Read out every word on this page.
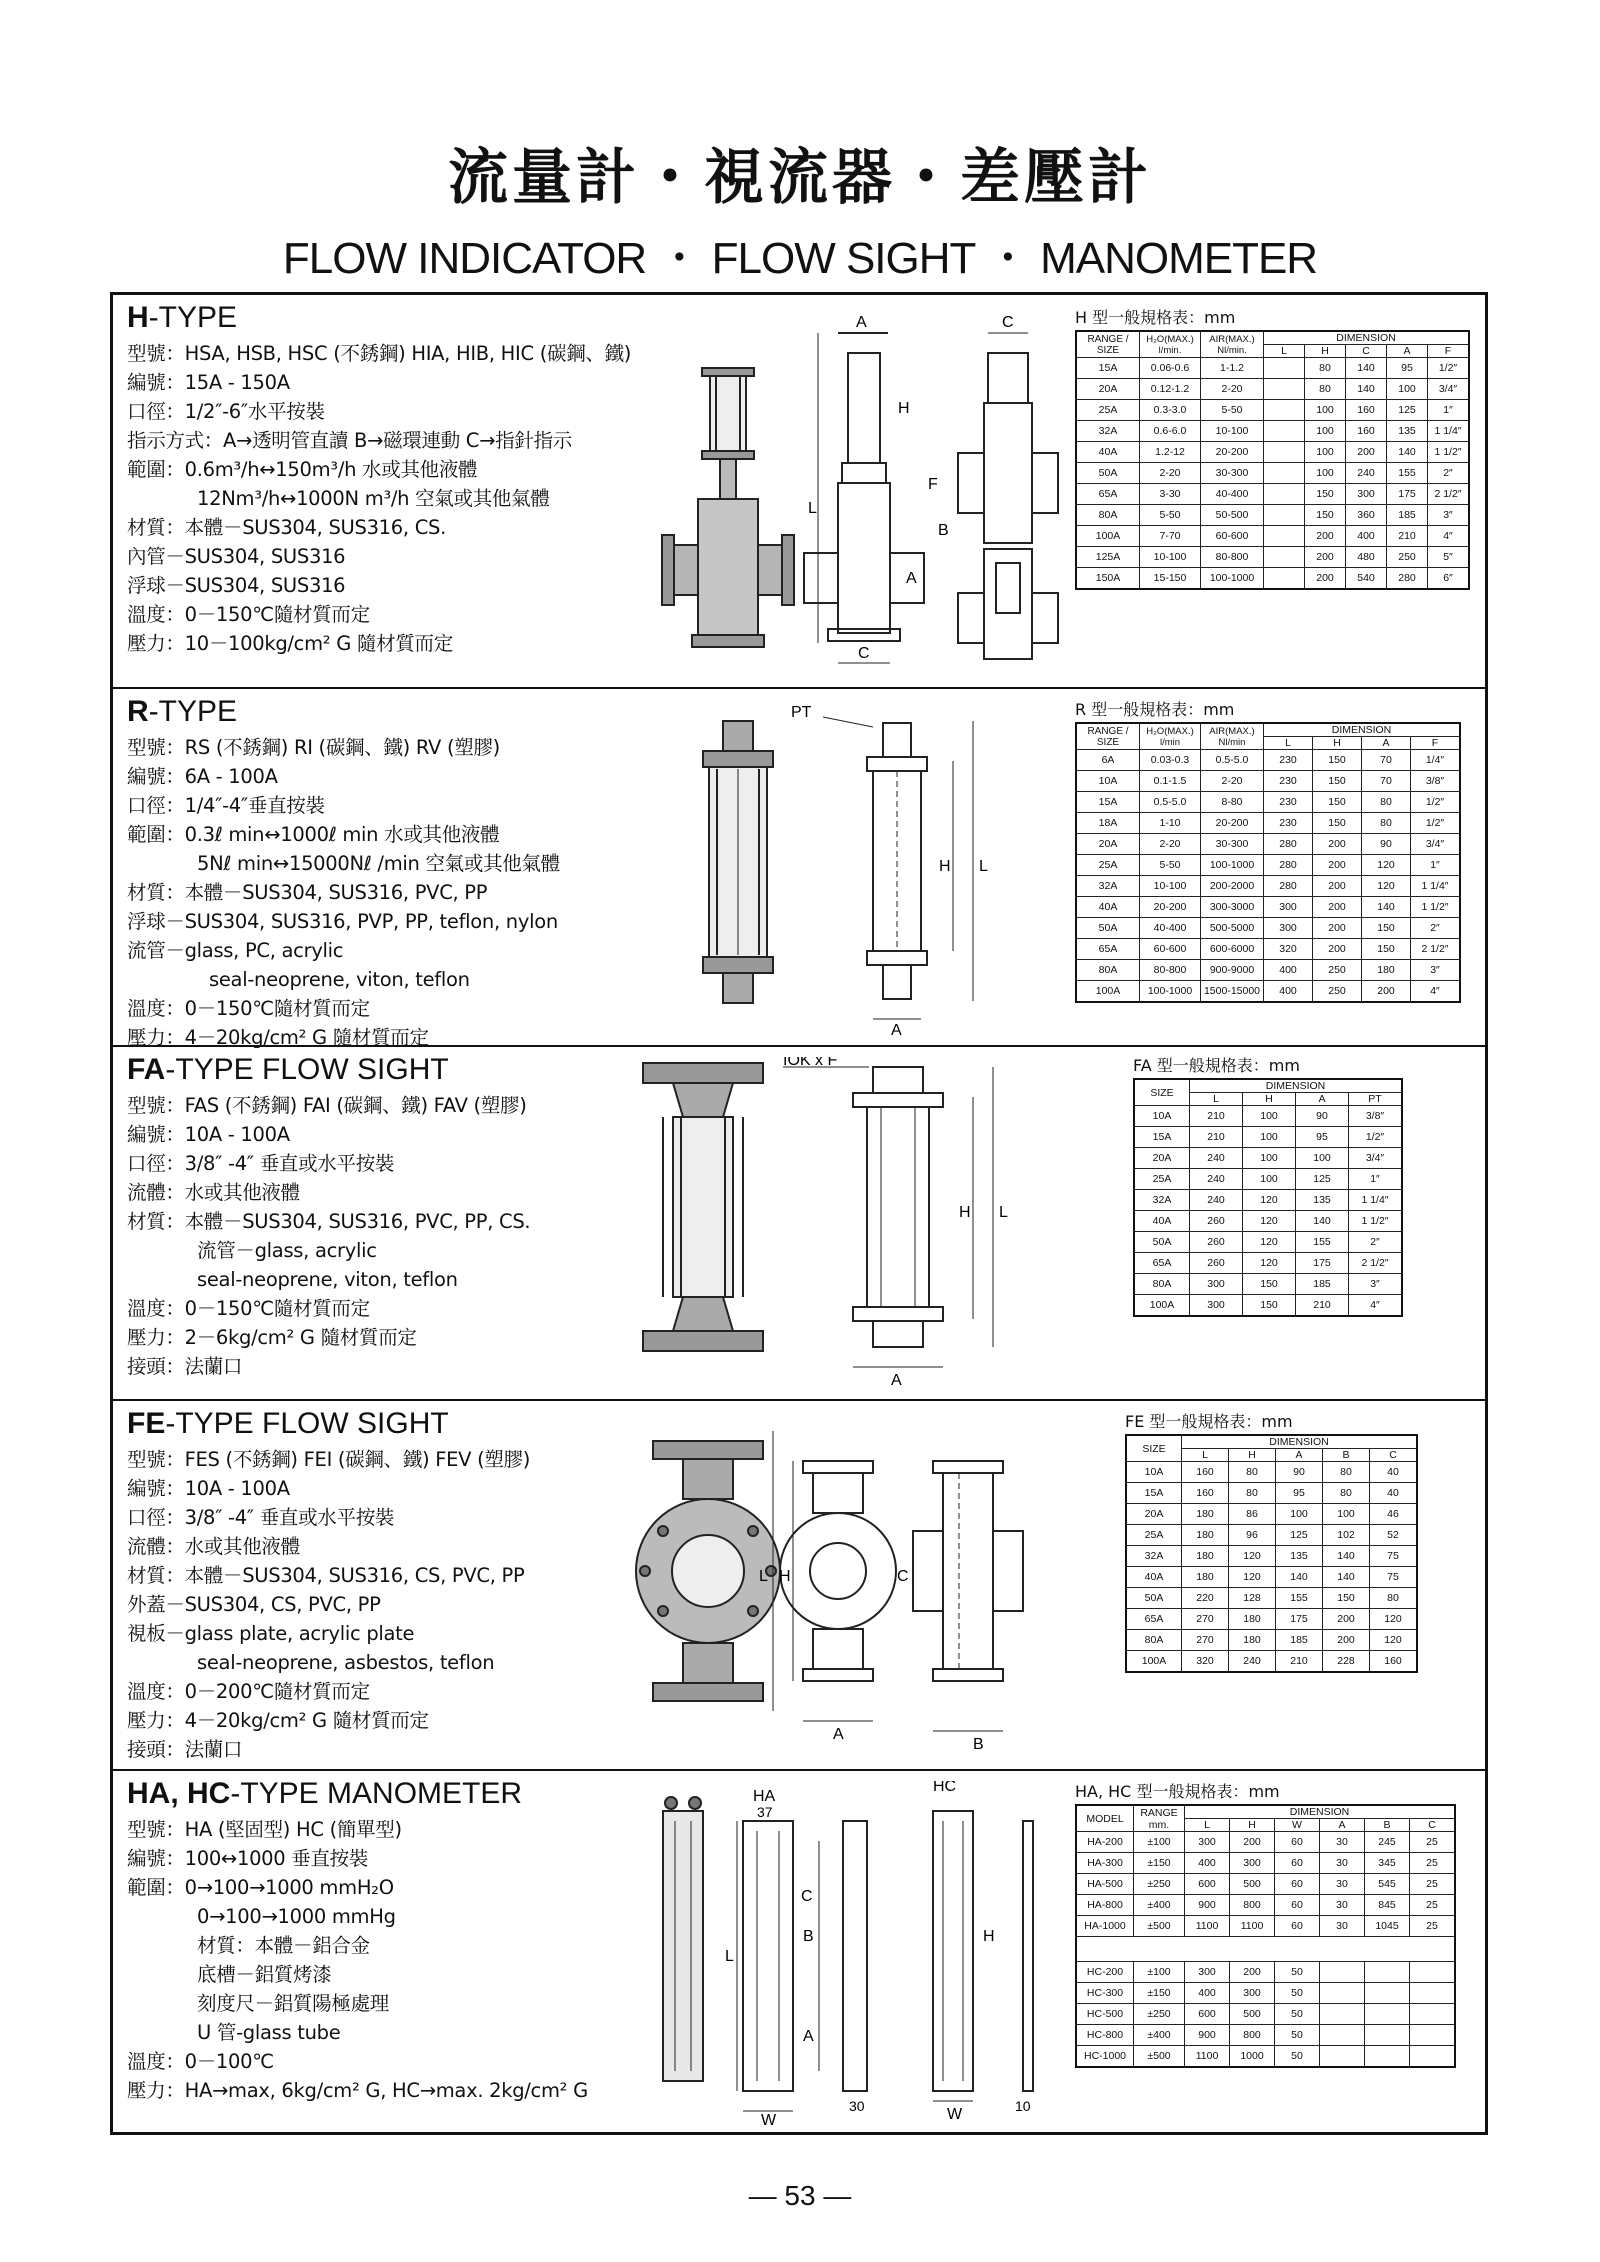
流量計・視流器・差壓計
FLOW INDICATOR ・ FLOW SIGHT ・ MANOMETER
H-TYPE
型號：HSA, HSB, HSC (不銹鋼) HIA, HIB, HIC (碳鋼、鐵)
編號：15A - 150A
口徑：1/2″-6″水平按裝
指示方式：A→透明管直讀 B→磁環連動 C→指針指示
範圍：0.6m³/h↔150m³/h 水或其他液體
12Nm³/h↔1000N m³/h 空氣或其他氣體
材質：本體－SUS304, SUS316, CS.
內管－SUS304, SUS316
浮球－SUS304, SUS316
溫度：0－150℃隨材質而定
壓力：10－100kg/cm² G 隨材質而定
A	C
H
L
F
B
A
C
H 型一般規格表：mm
RANGE / SIZE	H₂O(MAX.) l/min.	AIR(MAX.) Nl/min.	DIMENSION				
			L	H	C	A	F
15A	0.06-0.6	1-1.2		80	140	95	1/2″
20A	0.12-1.2	2-20		80	140	100	3/4″
25A	0.3-3.0	5-50		100	160	125	1″
32A	0.6-6.0	10-100		100	160	135	1 1/4″
40A	1.2-12	20-200		100	200	140	1 1/2″
50A	2-20	30-300		100	240	155	2″
65A	3-30	40-400		150	300	175	2 1/2″
80A	5-50	50-500		150	360	185	3″
100A	7-70	60-600		200	400	210	4″
125A	10-100	80-800		200	480	250	5″
150A	15-150	100-1000		200	540	280	6″
R-TYPE
型號：RS (不銹鋼) RI (碳鋼、鐵) RV (塑膠)
編號：6A - 100A
口徑：1/4″-4″垂直按裝
範圍：0.3ℓ min↔1000ℓ min 水或其他液體
5Nℓ min↔15000Nℓ /min 空氣或其他氣體
材質：本體－SUS304, SUS316, PVC, PP
浮球－SUS304, SUS316, PVP, PP, teflon, nylon
流管－glass, PC, acrylic
seal-neoprene, viton, teflon
溫度：0－150℃隨材質而定
壓力：4－20kg/cm² G 隨材質而定
PT
H L
A
R 型一般規格表：mm
RANGE / SIZE	H₂O(MAX.) l/min	AIR(MAX.) Nl/min	DIMENSION			
			L	H	A	F
6A	0.03-0.3	0.5-5.0	230	150	70	1/4″
10A	0.1-1.5	2-20	230	150	70	3/8″
15A	0.5-5.0	8-80	230	150	80	1/2″
18A	1-10	20-200	230	150	80	1/2″
20A	2-20	30-300	280	200	90	3/4″
25A	5-50	100-1000	280	200	120	1″
32A	10-100	200-2000	280	200	120	1 1/4″
40A	20-200	300-3000	300	200	140	1 1/2″
50A	40-400	500-5000	300	200	150	2″
65A	60-600	600-6000	320	200	150	2 1/2″
80A	80-800	900-9000	400	250	180	3″
100A	100-1000	1500-15000	400	250	200	4″
FA-TYPE FLOW SIGHT
型號：FAS (不銹鋼) FAI (碳鋼、鐵) FAV (塑膠)
編號：10A - 100A
口徑：3/8″ -4″ 垂直或水平按裝
流體：水或其他液體
材質：本體－SUS304, SUS316, PVC, PP, CS.
流管－glass, acrylic
seal-neoprene, viton, teflon
溫度：0－150℃隨材質而定
壓力：2－6kg/cm² G 隨材質而定
接頭：法蘭口
IOK x F
H L
A
FA 型一般規格表：mm
SIZE	DIMENSION			
	L	H	A	PT
10A	210	100	90	3/8″
15A	210	100	95	1/2″
20A	240	100	100	3/4″
25A	240	100	125	1″
32A	240	120	135	1 1/4″
40A	260	120	140	1 1/2″
50A	260	120	155	2″
65A	260	120	175	2 1/2″
80A	300	150	185	3″
100A	300	150	210	4″
FE-TYPE FLOW SIGHT
型號：FES (不銹鋼) FEI (碳鋼、鐵) FEV (塑膠)
編號：10A - 100A
口徑：3/8″ -4″ 垂直或水平按裝
流體：水或其他液體
材質：本體－SUS304, SUS316, CS, PVC, PP
外蓋－SUS304, CS, PVC, PP
視板－glass plate, acrylic plate
seal-neoprene, asbestos, teflon
溫度：0－200℃隨材質而定
壓力：4－20kg/cm² G 隨材質而定
接頭：法蘭口
L H	C
A
B
FE 型一般規格表：mm
SIZE	DIMENSION				
	L	H	A	B	C
10A	160	80	90	80	40
15A	160	80	95	80	40
20A	180	86	100	100	46
25A	180	96	125	102	52
32A	180	120	135	140	75
40A	180	120	140	140	75
50A	220	128	155	150	80
65A	270	180	175	200	120
80A	270	180	185	200	120
100A	320	240	210	228	160
HA, HC-TYPE MANOMETER
型號：HA (堅固型) HC (簡單型)
編號：100↔1000 垂直按裝
範圍：0→100→1000 mmH₂O
0→100→1000 mmHg
材質：本體－鋁合金
底槽－鋁質烤漆
刻度尺－鋁質陽極處理
U 管-glass tube
溫度：0－100℃
壓力：HA→max, 6kg/cm² G, HC→max. 2kg/cm² G
HA
37
HC
L
C
B
A
H
W
30	W	10
HA, HC 型一般規格表：mm
MODEL	RANGE mm.	DIMENSION					
		L	H	W	A	B	C
HA-200	±100	300	200	60	30	245	25
HA-300	±150	400	300	60	30	345	25
HA-500	±250	600	500	60	30	545	25
HA-800	±400	900	800	60	30	845	25
HA-1000	±500	1100	1100	60	30	1045	25

HC-200	±100	300	200	50			
HC-300	±150	400	300	50			
HC-500	±250	600	500	50			
HC-800	±400	900	800	50			
HC-1000	±500	1100	1000	50			
— 53 —
